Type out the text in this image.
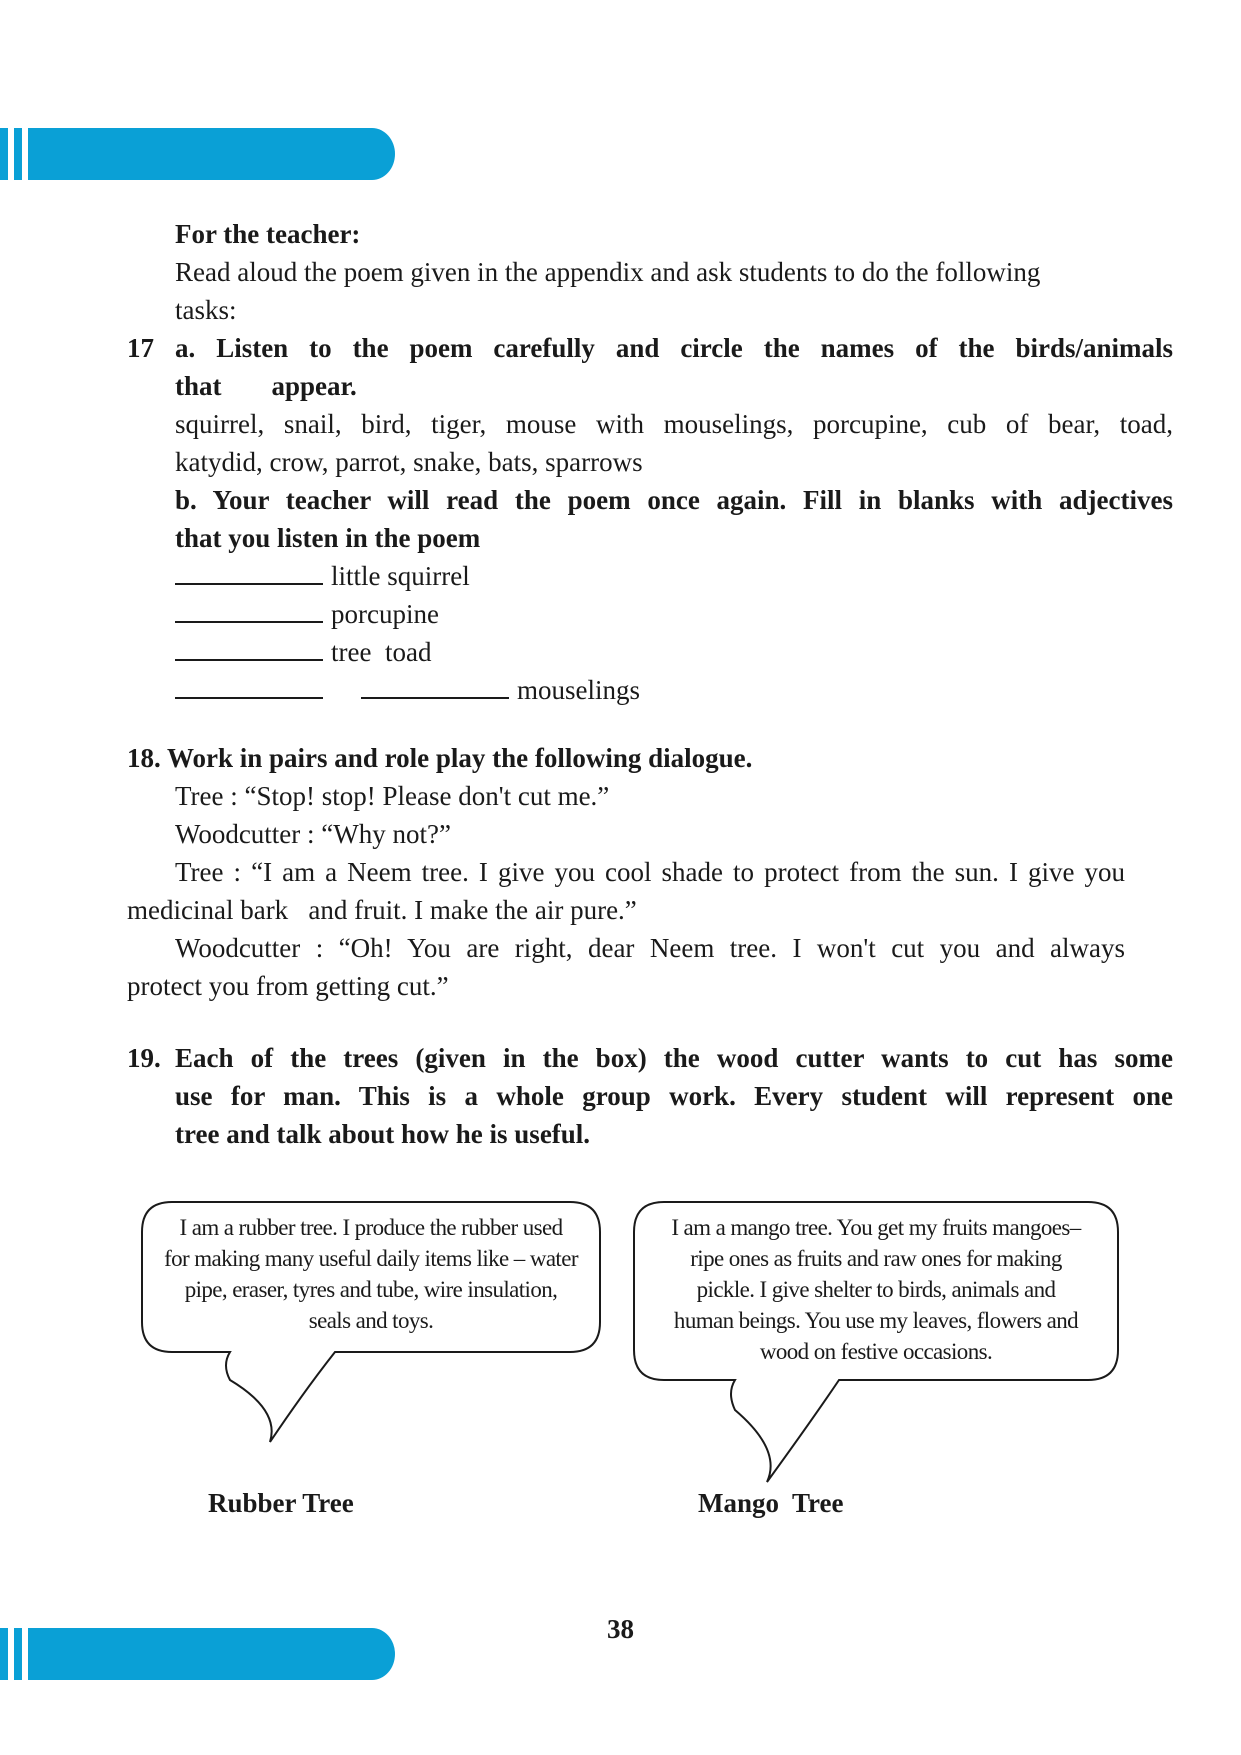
For the teacher:
Read aloud the poem given in the appendix and ask students to do the following
tasks:
17 a. Listen to the poem carefully and circle the names of the birds/animals
that appear.
squirrel, snail, bird, tiger, mouse with mouselings, porcupine, cub of bear, toad,
katydid, crow, parrot, snake, bats, sparrows
b. Your teacher will read the poem once again. Fill in blanks with adjectives
that you listen in the poem
little squirrel
porcupine
tree  toad
mouselings
18. Work in pairs and role play the following dialogue.
Tree : “Stop! stop! Please don't cut me.”
Woodcutter : “Why not?”
Tree : “I am a Neem tree. I give you cool shade to protect from the sun. I give you
medicinal bark   and fruit. I make the air pure.”
Woodcutter : “Oh! You are right, dear Neem tree. I won't cut you and always
protect you from getting cut.”
19. Each of the trees (given in the box) the wood cutter wants to cut has some
use for man. This is a whole group work. Every student will represent one
tree and talk about how he is useful.
I am a rubber tree. I produce the rubber used
for making many useful daily items like – water
pipe, eraser, tyres and tube, wire insulation,
seals and toys.
Rubber Tree
I am a mango tree. You get my fruits mangoes–
ripe ones as fruits and raw ones for making
pickle. I give shelter to birds, animals and
human beings. You use my leaves, flowers and
wood on festive occasions.
Mango  Tree
38
